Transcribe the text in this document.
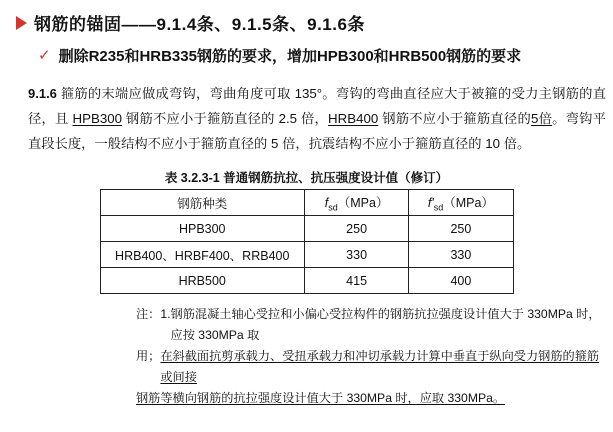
钢筋的锚固——9.1.4条、9.1.5条、9.1.6条
✓ 删除R235和HRB335钢筋的要求，增加HPB300和HRB500钢筋的要求
9.1.6 箍筋的末端应做成弯钩，弯曲角度可取 135°。弯钩的弯曲直径应大于被箍的受力主钢筋的直径，且 HPB300 钢筋不应小于箍筋直径的 2.5 倍，HRB400 钢筋不应小于箍筋直径的5倍。弯钩平直段长度，一般结构不应小于箍筋直径的 5 倍，抗震结构不应小于箍筋直径的 10 倍。
表 3.2.3-1 普通钢筋抗拉、抗压强度设计值（修订）
钢筋种类	$f_{sd}(MPa)$	$f'_{sd}(MPa)$
HPB300	250	250
HRB400、HRBF400、RRB400	330	330
HRB500	415	400
注：1. 钢筋混凝土轴心受拉和小偏心受拉构件的钢筋抗拉强度设计值大于 330MPa 时，应按 330MPa 取
用； 在斜截面抗剪承载力、受扭承载力和冲切承载力计算中垂直于纵向受力钢筋的箍筋或间接
钢筋等横向钢筋的抗拉强度设计值大于 330MPa 时，应取 330MPa。
